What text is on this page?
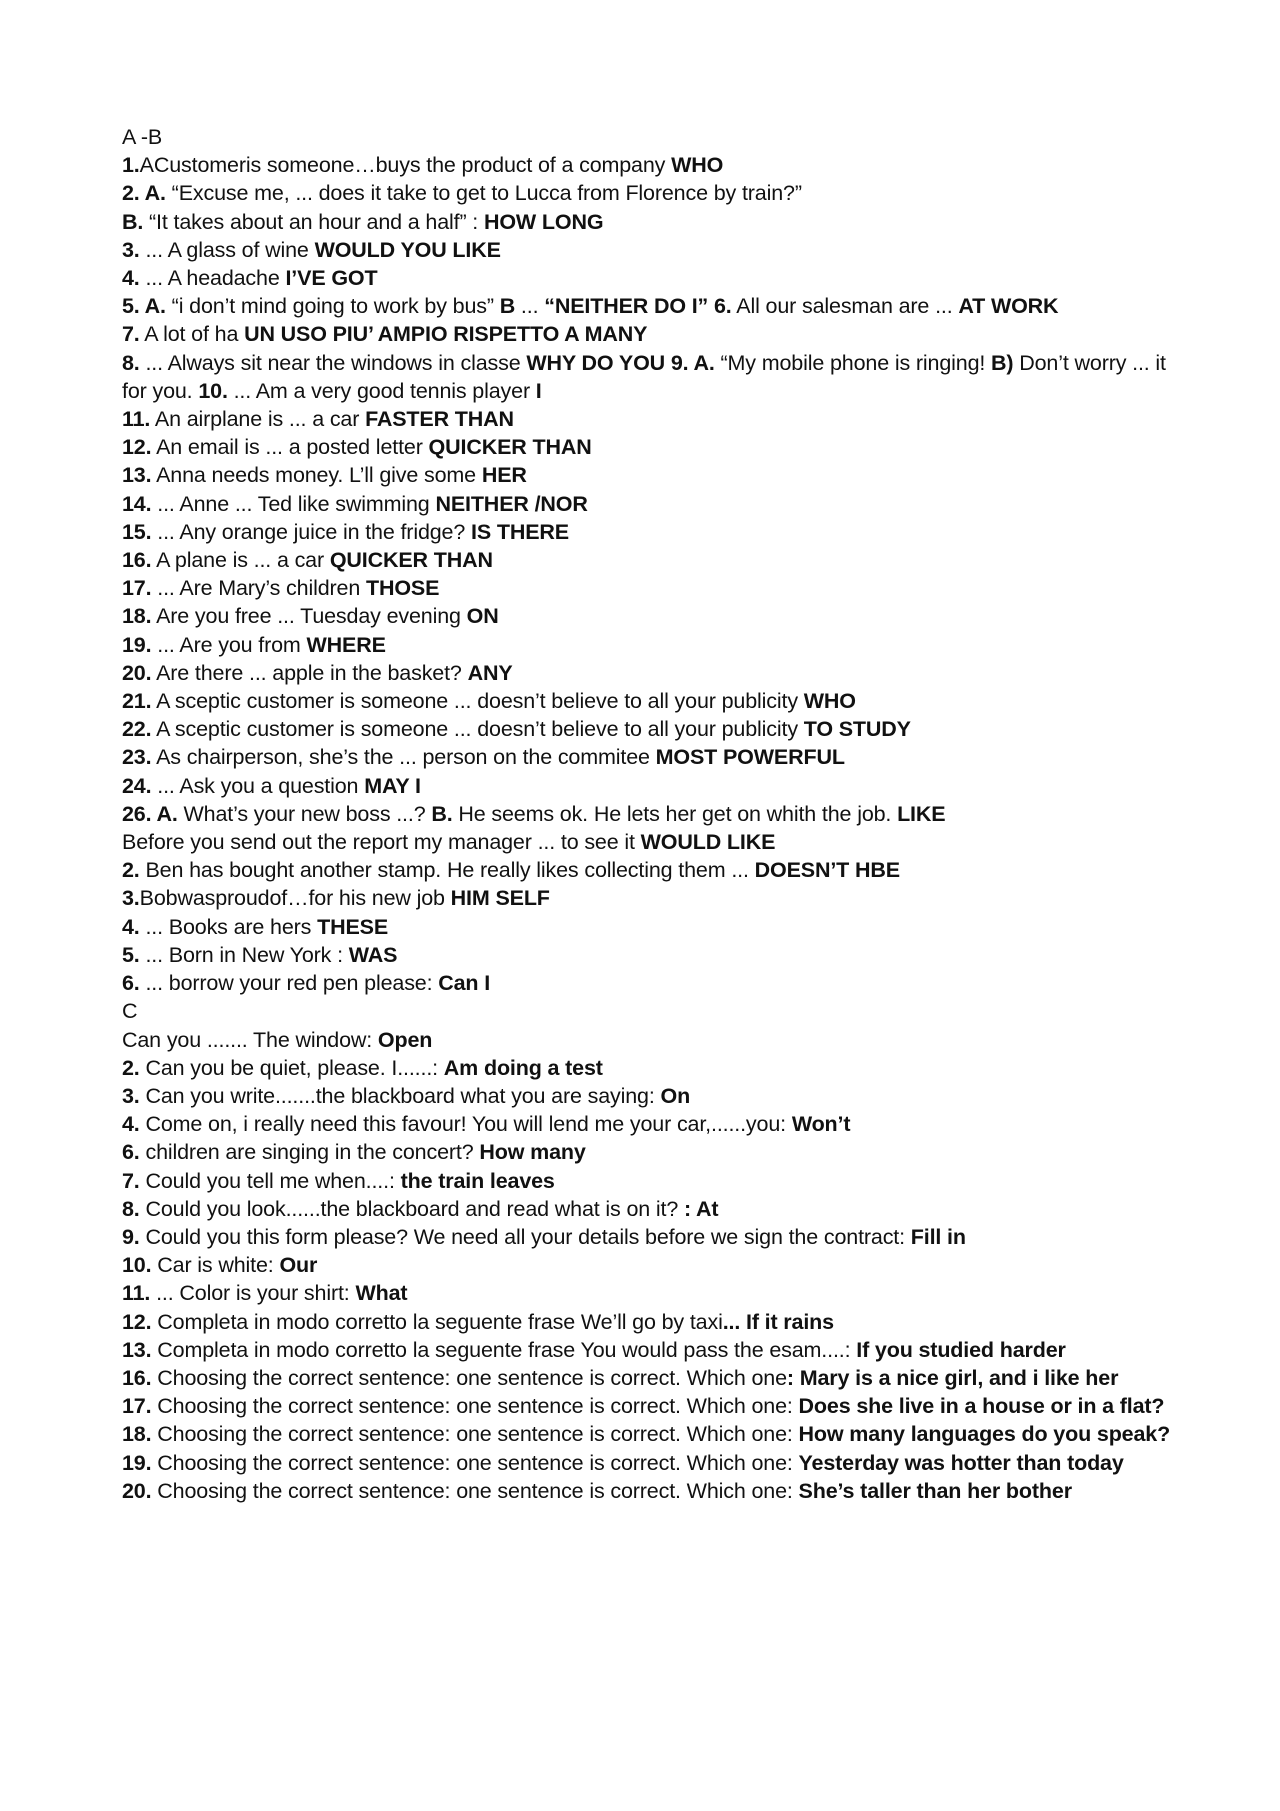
A -B
1.ACustomeris someone…buys the product of a company WHO
2. A. “Excuse me, ... does it take to get to Lucca from Florence by train?”
B. “It takes about an hour and a half” : HOW LONG
3. ... A glass of wine WOULD YOU LIKE
4. ... A headache I’VE GOT
5. A. “i don’t mind going to work by bus” B ... “NEITHER DO I” 6. All our salesman are ... AT WORK
7. A lot of ha UN USO PIU’ AMPIO RISPETTO A MANY
8. ... Always sit near the windows in classe WHY DO YOU 9. A. “My mobile phone is ringing! B) Don’t worry ... it for you. 10. ... Am a very good tennis player I
11. An airplane is ... a car FASTER THAN
12. An email is ... a posted letter QUICKER THAN
13. Anna needs money. L’ll give some HER
14. ... Anne ... Ted like swimming NEITHER /NOR
15. ... Any orange juice in the fridge? IS THERE
16. A plane is ... a car QUICKER THAN
17. ... Are Mary’s children THOSE
18. Are you free ... Tuesday evening ON
19. ... Are you from WHERE
20. Are there ... apple in the basket? ANY
21. A sceptic customer is someone ... doesn’t believe to all your publicity WHO
22. A sceptic customer is someone ... doesn’t believe to all your publicity TO STUDY
23. As chairperson, she’s the ... person on the commitee MOST POWERFUL
24. ... Ask you a question MAY I
26. A. What’s your new boss ...? B. He seems ok. He lets her get on whith the job. LIKE
Before you send out the report my manager ... to see it WOULD LIKE
2. Ben has bought another stamp. He really likes collecting them ... DOESN’T HBE
3.Bobwasproudof…for his new job HIM SELF
4. ... Books are hers THESE
5. ... Born in New York : WAS
6. ... borrow your red pen please: Can I
C
Can you ....... The window: Open
2. Can you be quiet, please. I......: Am doing a test
3. Can you write.......the blackboard what you are saying: On
4. Come on, i really need this favour! You will lend me your car,......you: Won’t
6. children are singing in the concert? How many
7. Could you tell me when....: the train leaves
8. Could you look......the blackboard and read what is on it? : At
9. Could you this form please? We need all your details before we sign the contract: Fill in
10. Car is white: Our
11. ... Color is your shirt: What
12. Completa in modo corretto la seguente frase We’ll go by taxi... If it rains
13. Completa in modo corretto la seguente frase You would pass the esam....: If you studied harder
16. Choosing the correct sentence: one sentence is correct. Which one: Mary is a nice girl, and i like her
17. Choosing the correct sentence: one sentence is correct. Which one: Does she live in a house or in a flat?
18. Choosing the correct sentence: one sentence is correct. Which one: How many languages do you speak?
19. Choosing the correct sentence: one sentence is correct. Which one: Yesterday was hotter than today
20. Choosing the correct sentence: one sentence is correct. Which one: She’s taller than her bother
